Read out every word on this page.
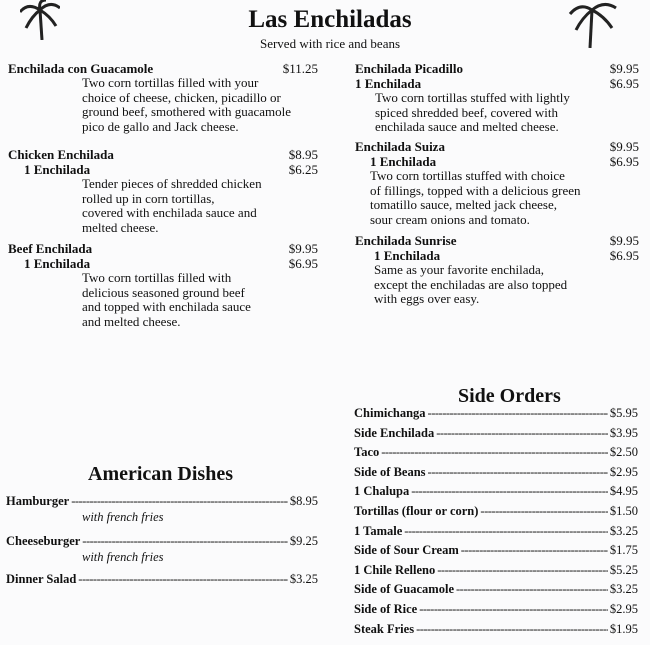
Las Enchiladas
Served with rice and beans
Enchilada con Guacamole	$11.25
Two corn tortillas filled with your
choice of cheese, chicken, picadillo or
ground beef, smothered with guacamole
pico de gallo and Jack cheese.
Chicken Enchilada	$8.95
1 Enchilada	$6.25
Tender pieces of shredded chicken
rolled up in corn tortillas,
covered with enchilada sauce and
melted cheese.
Beef Enchilada	$9.95
1 Enchilada	$6.95
Two corn tortillas filled with
delicious seasoned ground beef
and topped with enchilada sauce
and melted cheese.
Enchilada Picadillo	$9.95
1 Enchilada	$6.95
Two corn tortillas stuffed with lightly
spiced shredded beef, covered with
enchilada sauce and melted cheese.
Enchilada Suiza	$9.95
1 Enchilada	$6.95
Two corn tortillas stuffed with choice
of fillings, topped with a delicious green
tomatillo sauce, melted jack cheese,
sour cream onions and tomato.
Enchilada Sunrise	$9.95
1 Enchilada	$6.95
Same as your favorite enchilada,
except the enchiladas are also topped
with eggs over easy.
Side Orders
Chimichanga -----	$5.95
Side Enchilada -----	$3.95
Taco -----	$2.50
Side of Beans -----	$2.95
1 Chalupa -----	$4.95
Tortillas (flour or corn) -----	$1.50
1 Tamale -----	$3.25
Side of Sour Cream -----	$1.75
1 Chile Relleno -----	$5.25
Side of Guacamole -----	$3.25
Side of Rice -----	$2.95
Steak Fries -----	$1.95
American Dishes
Hamburger -----	$8.95
with french fries
Cheeseburger -----	$9.25
with french fries
Dinner Salad -----	$3.25
